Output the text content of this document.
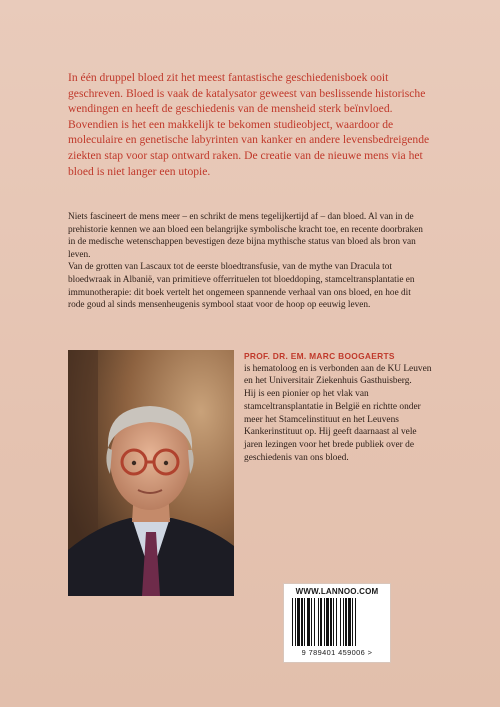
In één druppel bloed zit het meest fantastische geschiedenisboek ooit geschreven. Bloed is vaak de katalysator geweest van beslissende historische wendingen en heeft de geschiedenis van de mensheid sterk beïnvloed. Bovendien is het een makkelijk te bekomen studieobject, waardoor de moleculaire en genetische labyrinten van kanker en andere levensbedreigende ziekten stap voor stap ontward raken. De creatie van de nieuwe mens via het bloed is niet langer een utopie.

Niets fascineert de mens meer – en schrikt de mens tegelijkertijd af – dan bloed. Al van in de prehistorie kennen we aan bloed een belangrijke symbolische kracht toe, en recente doorbraken in de medische wetenschappen bevestigen deze bijna mythische status van bloed als bron van leven.

Van de grotten van Lascaux tot de eerste bloedtransfusie, van de mythe van Dracula tot bloedwraak in Albanië, van primitieve offerrituelen tot bloeddoping, stamceltransplantatie en immunotherapie: dit boek vertelt het ongemeen spannende verhaal van ons bloed, en hoe dit rode goud al sinds mensenheugenis symbool staat voor de hoop op eeuwig leven.

PROF. DR. EM. MARC BOOGAERTS

is hematoloog en is verbonden aan de KU Leuven en het Universitair Ziekenhuis Gasthuisberg.

Hij is een pionier op het vlak van stamceltransplantatie in België en richtte onder meer het Stamcelinstituut en het Leuvens Kankerinstituut op. Hij geeft daarnaast al vele jaren lezingen voor het brede publiek over de geschiedenis van ons bloed.

WWW.LANNOO.COM
9 789401 459006 >
